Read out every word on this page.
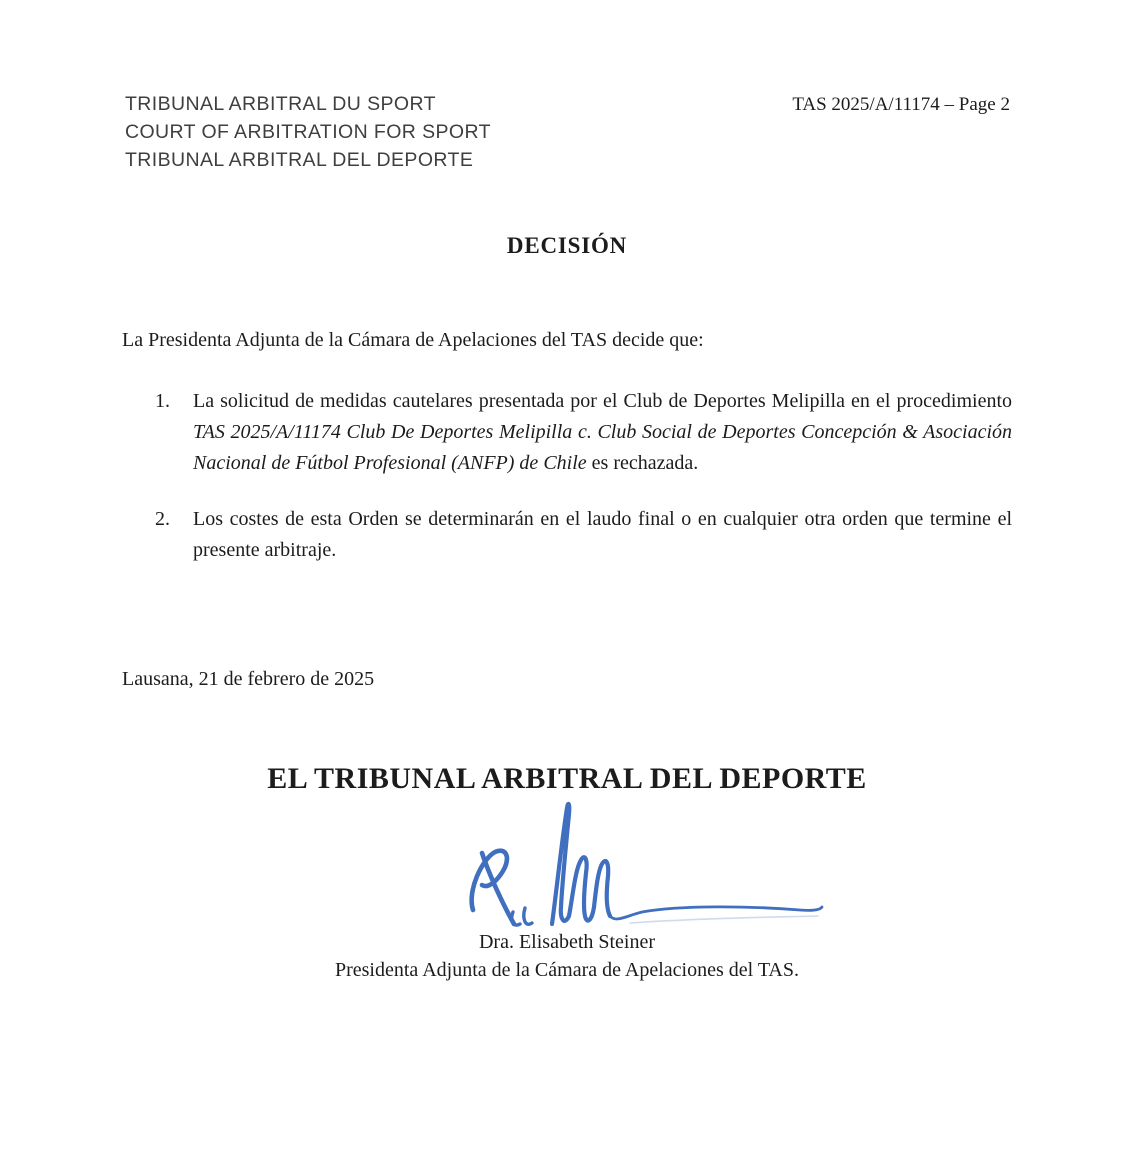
TRIBUNAL ARBITRAL DU SPORT
COURT OF ARBITRATION FOR SPORT
TRIBUNAL ARBITRAL DEL DEPORTE
TAS 2025/A/11174 – Page 2
DECISIÓN
La Presidenta Adjunta de la Cámara de Apelaciones del TAS decide que:
1.	La solicitud de medidas cautelares presentada por el Club de Deportes Melipilla en el procedimiento TAS 2025/A/11174 Club De Deportes Melipilla c. Club Social de Deportes Concepción & Asociación Nacional de Fútbol Profesional (ANFP) de Chile es rechazada.
2.	Los costes de esta Orden se determinarán en el laudo final o en cualquier otra orden que termine el presente arbitraje.
Lausana, 21 de febrero de 2025
EL TRIBUNAL ARBITRAL DEL DEPORTE
Dra. Elisabeth Steiner
Presidenta Adjunta de la Cámara de Apelaciones del TAS.
